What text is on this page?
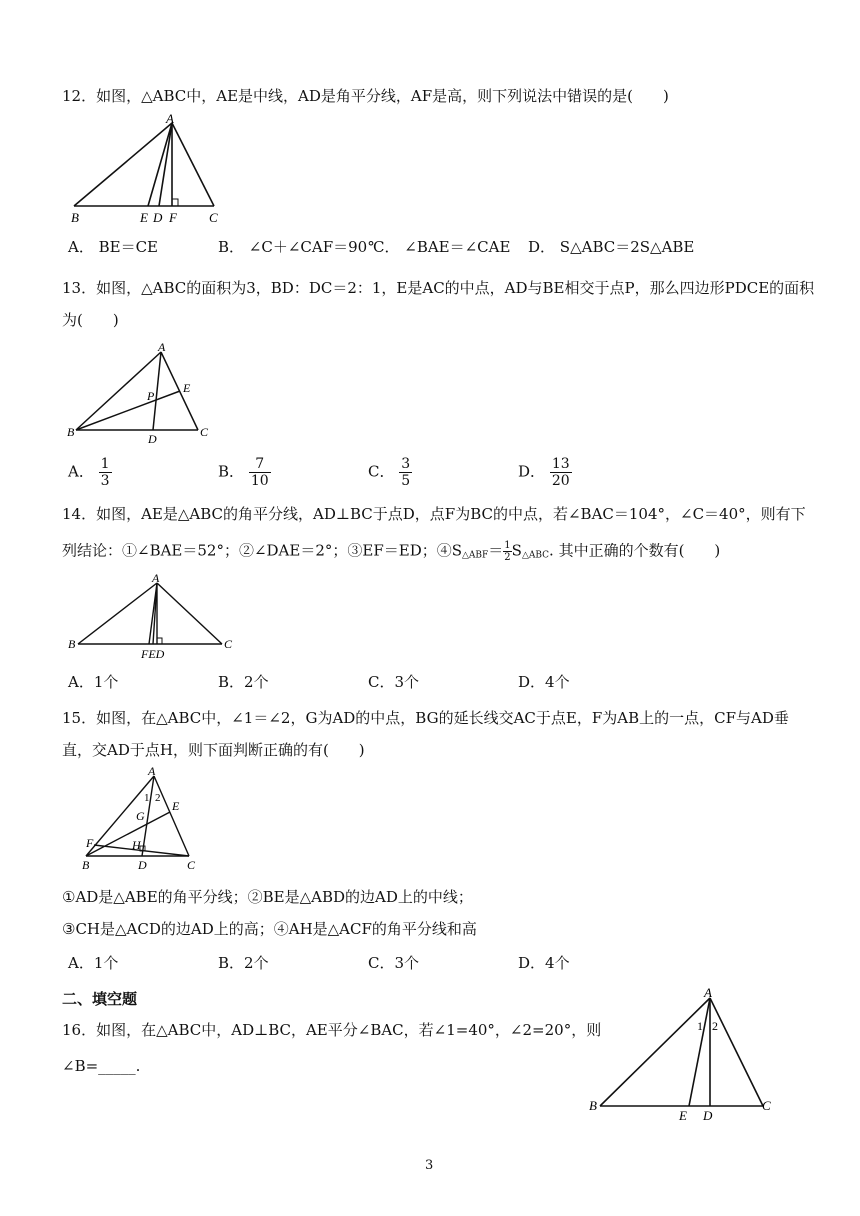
12．如图，△ABC中，AE是中线，AD是角平分线，AF是高，则下列说法中错误的是(　　)
A
B	E D F C
A． BE＝CE	B． ∠C＋∠CAF＝90°
C． ∠BAE＝∠CAE D． S△ABC＝2S△ABE
13．如图，△ABC的面积为3，BD：DC＝2：1，E是AC的中点，AD与BE相交于点P，那么四边形PDCE的面积
为(　　)
A
P
E
B	D	C
A． $\frac{1}{3}$	B． $\frac{7}{10}$	C． $\frac{3}{5}$	D． $\frac{13}{20}$
14．如图，AE是△ABC的角平分线，AD⊥BC于点D，点F为BC的中点，若∠BAC＝104°，∠C＝40°，则有下
列结论：①∠BAE＝52°；②∠DAE＝2°；③EF＝ED；④S△ABF＝ $\frac{1}{2}$ S△ABC. 其中正确的个数有(　　)
A
B	C
FED
A．1个	B．2个	C．3个	D．4个
15．如图，在△ABC中，∠1＝∠2，G为AD的中点，BG的延长线交AC于点E，F为AB上的一点，CF与AD垂
直，交AD于点H，则下面判断正确的有(　　)
A
1 2
E
G
F	H
B	D	C
①AD是△ABE的角平分线；②BE是△ABD的边AD上的中线；
③CH是△ACD的边AD上的高；④AH是△ACF的角平分线和高
A．1个	B．2个	C．3个	D．4个
二、填空题
16．如图，在△ABC中，AD⊥BC，AE平分∠BAC，若∠1=40°，∠2=20°，则
∠B=_____.
A
1 2
B
E D
C
3
